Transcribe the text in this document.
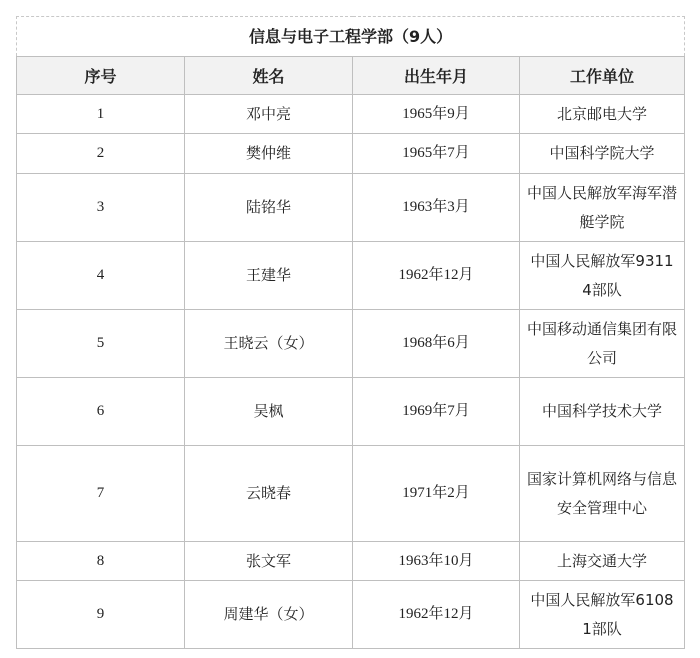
信息与电子工程学部（9人）			
序号	姓名	出生年月	工作单位
1	邓中亮	1965年9月	北京邮电大学
2	樊仲维	1965年7月	中国科学院大学
3	陆铭华	1963年3月	中国人民解放军海军潜艇学院
4	王建华	1962年12月	中国人民解放军93114部队
5	王晓云（女）	1968年6月	中国移动通信集团有限公司
6	吴枫	1969年7月	中国科学技术大学
7	云晓春	1971年2月	国家计算机网络与信息安全管理中心
8	张文军	1963年10月	上海交通大学
9	周建华（女）	1962年12月	中国人民解放军61081部队
